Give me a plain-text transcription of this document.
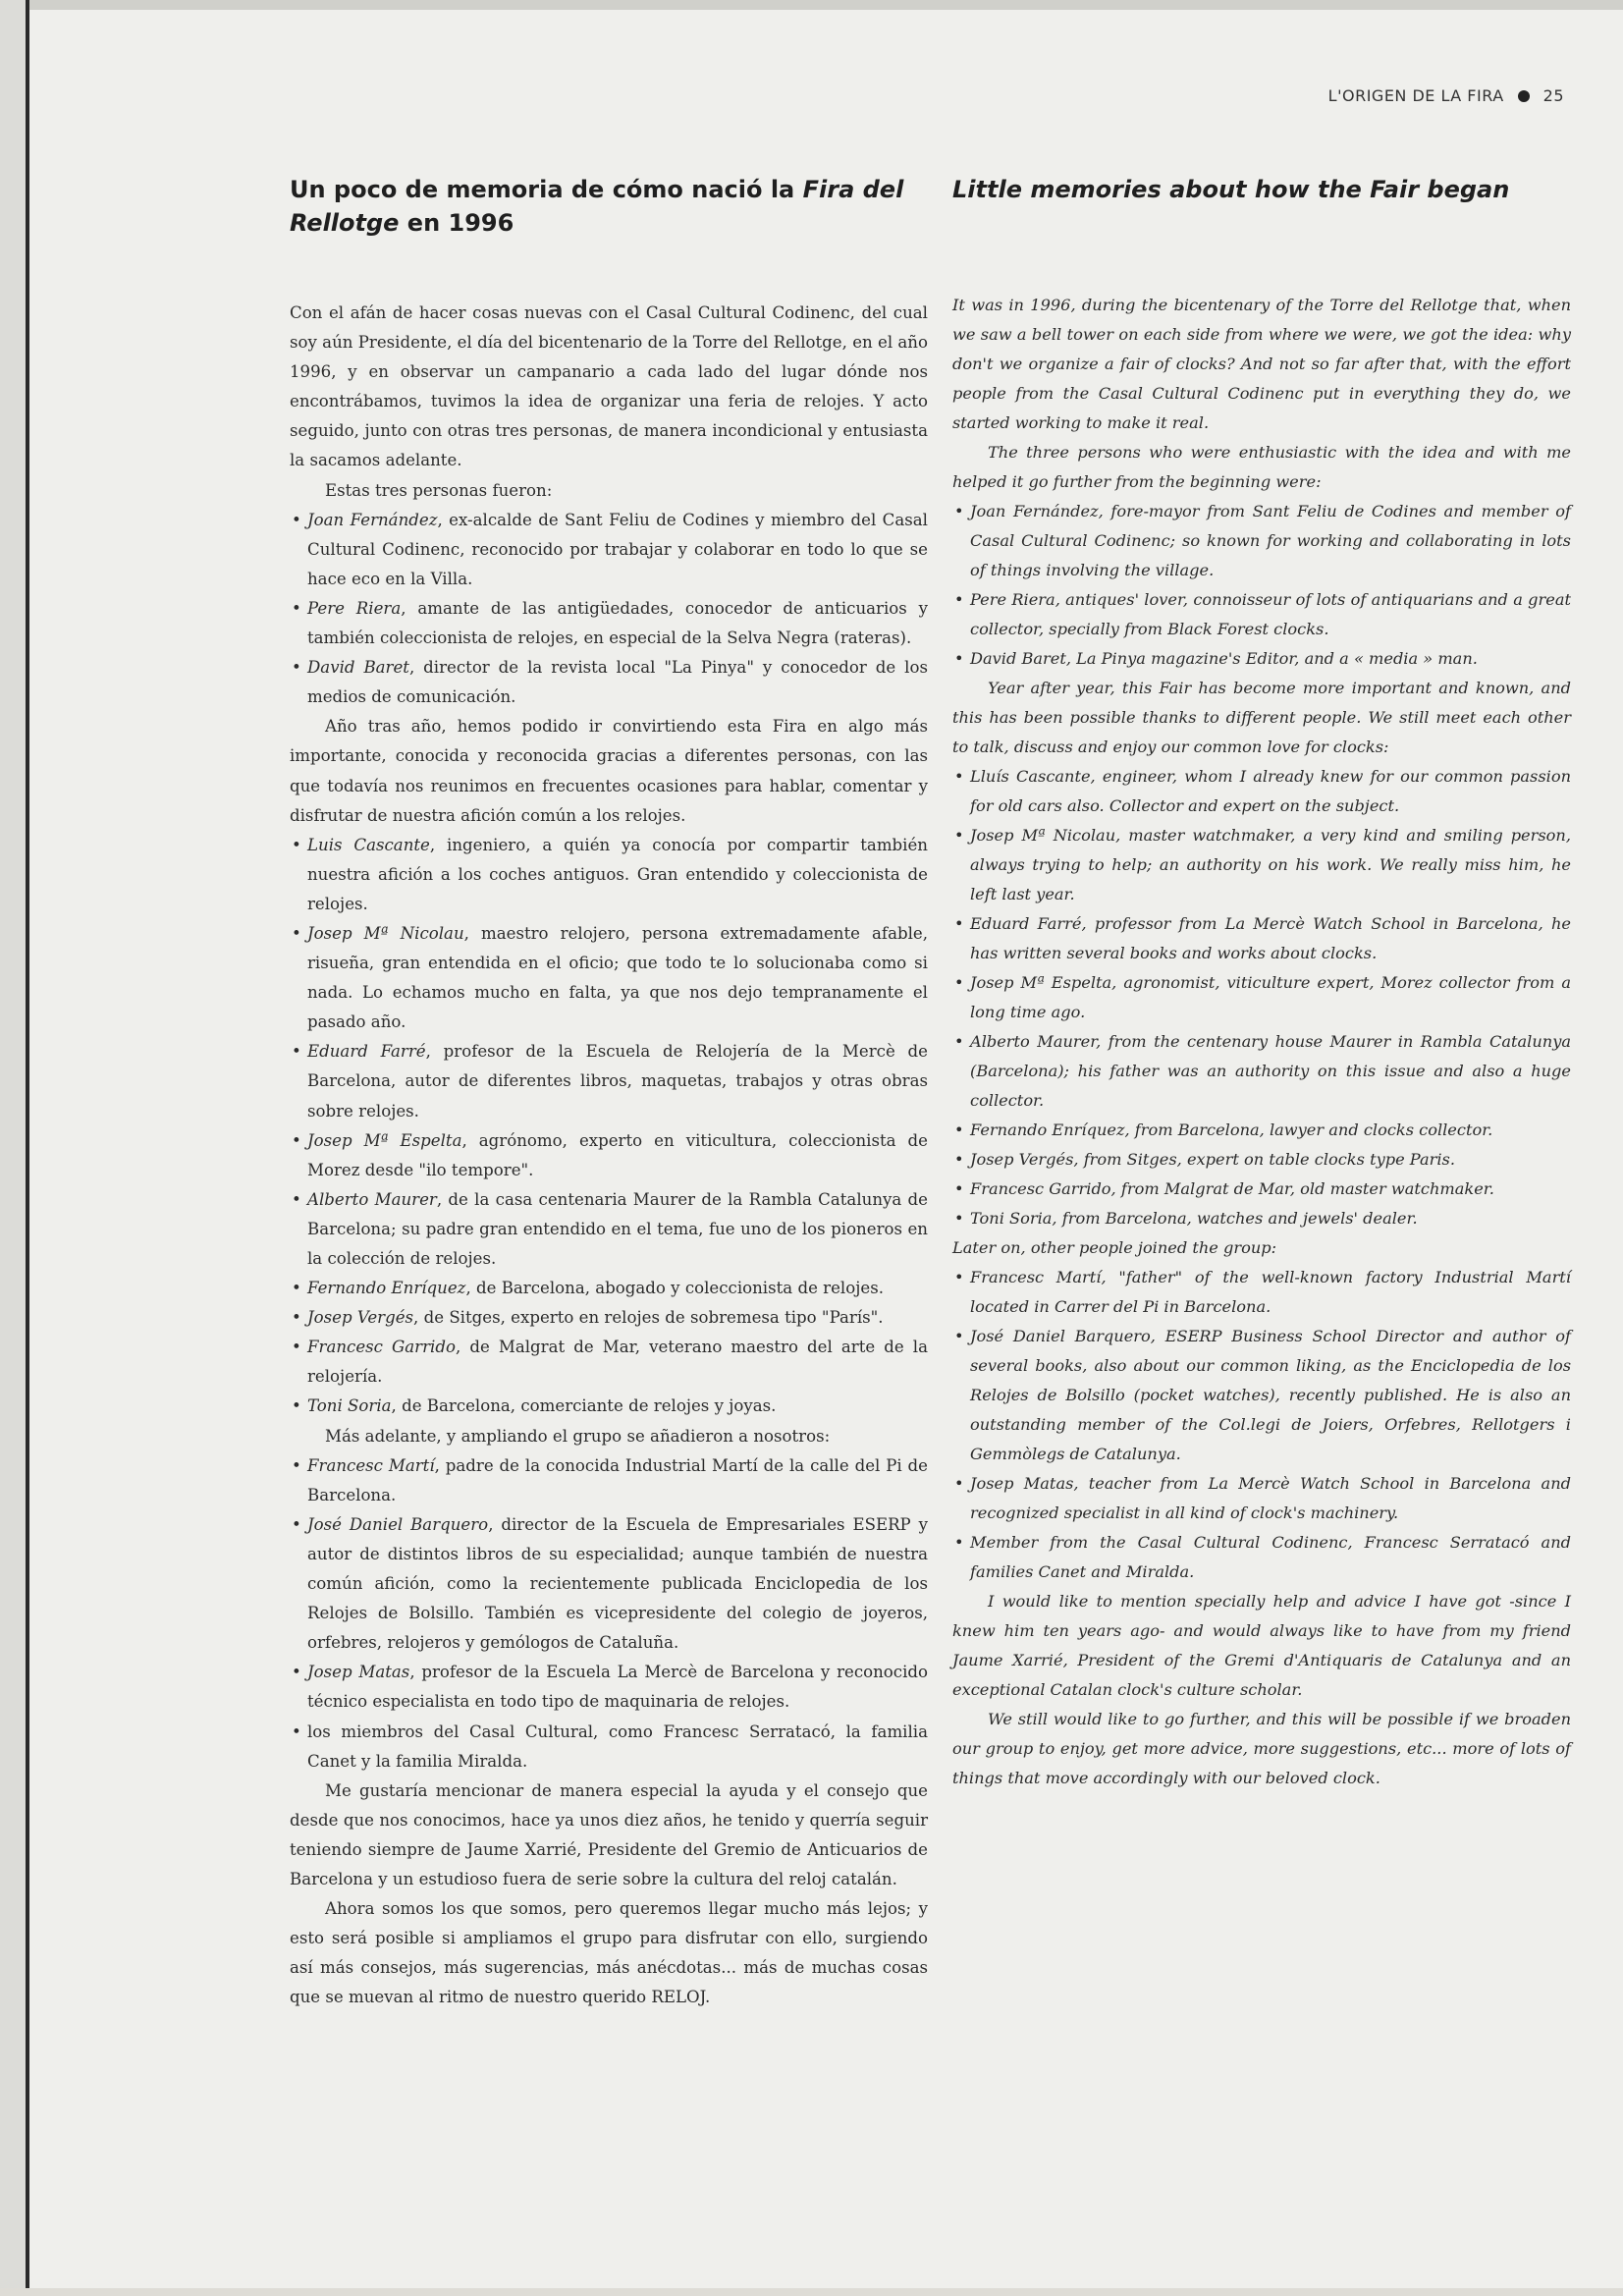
L'ORIGEN DE LA FIRA	25
Un poco de memoria de cómo nació la Fira del Rellotge en 1996

Con el afán de hacer cosas nuevas con el Casal Cultural Codinenc, del cual soy aún Presidente, el día del bicentenario de la Torre del Rellotge, en el año 1996, y en observar un campanario a cada lado del lugar dónde nos encontrábamos, tuvimos la idea de organizar una feria de relojes. Y acto seguido, junto con otras tres personas, de manera incondicional y entusiasta la sacamos adelante.

Estas tres personas fueron:

• Joan Fernández, ex-alcalde de Sant Feliu de Codines y miembro del Casal Cultural Codinenc, reconocido por trabajar y colaborar en todo lo que se hace eco en la Villa.
• Pere Riera, amante de las antigüedades, conocedor de anticuarios y también coleccionista de relojes, en especial de la Selva Negra (rateras).
• David Baret, director de la revista local "La Pinya" y conocedor de los medios de comunicación.

Año tras año, hemos podido ir convirtiendo esta Fira en algo más importante, conocida y reconocida gracias a diferentes personas, con las que todavía nos reunimos en frecuentes ocasiones para hablar, comentar y disfrutar de nuestra afición común a los relojes.

• Luis Cascante, ingeniero, a quién ya conocía por compartir también nuestra afición a los coches antiguos. Gran entendido y coleccionista de relojes.
• Josep Mª Nicolau, maestro relojero, persona extremadamente afable, risueña, gran entendida en el oficio; que todo te lo solucionaba como si nada. Lo echamos mucho en falta, ya que nos dejo tempranamente el pasado año.
• Eduard Farré, profesor de la Escuela de Relojería de la Mercè de Barcelona, autor de diferentes libros, maquetas, trabajos y otras obras sobre relojes.
• Josep Mª Espelta, agrónomo, experto en viticultura, coleccionista de Morez desde "ilo tempore".
• Alberto Maurer, de la casa centenaria Maurer de la Rambla Catalunya de Barcelona; su padre gran entendido en el tema, fue uno de los pioneros en la colección de relojes.
• Fernando Enríquez, de Barcelona, abogado y coleccionista de relojes.
• Josep Vergés, de Sitges, experto en relojes de sobremesa tipo "París".
• Francesc Garrido, de Malgrat de Mar, veterano maestro del arte de la relojería.
• Toni Soria, de Barcelona, comerciante de relojes y joyas.

Más adelante, y ampliando el grupo se añadieron a nosotros:

• Francesc Martí, padre de la conocida Industrial Martí de la calle del Pi de Barcelona.
• José Daniel Barquero, director de la Escuela de Empresariales ESERP y autor de distintos libros de su especialidad; aunque también de nuestra común afición, como la recientemente publicada Enciclopedia de los Relojes de Bolsillo. También es vicepresidente del colegio de joyeros, orfebres, relojeros y gemólogos de Cataluña.
• Josep Matas, profesor de la Escuela La Mercè de Barcelona y reconocido técnico especialista en todo tipo de maquinaria de relojes.
• los miembros del Casal Cultural, como Francesc Serratacó, la familia Canet y la familia Miralda.

Me gustaría mencionar de manera especial la ayuda y el consejo que desde que nos conocimos, hace ya unos diez años, he tenido y querría seguir teniendo siempre de Jaume Xarrié, Presidente del Gremio de Anticuarios de Barcelona y un estudioso fuera de serie sobre la cultura del reloj catalán.

Ahora somos los que somos, pero queremos llegar mucho más lejos; y esto será posible si ampliamos el grupo para disfrutar con ello, surgiendo así más consejos, más sugerencias, más anécdotas... más de muchas cosas que se muevan al ritmo de nuestro querido RELOJ.

Little memories about how the Fair began

It was in 1996, during the bicentenary of the Torre del Rellotge that, when we saw a bell tower on each side from where we were, we got the idea: why don't we organize a fair of clocks? And not so far after that, with the effort people from the Casal Cultural Codinenc put in everything they do, we started working to make it real.

The three persons who were enthusiastic with the idea and with me helped it go further from the beginning were:

• Joan Fernández, fore-mayor from Sant Feliu de Codines and member of Casal Cultural Codinenc; so known for working and collaborating in lots of things involving the village.
• Pere Riera, antiques' lover, connoisseur of lots of antiquarians and a great collector, specially from Black Forest clocks.
• David Baret, La Pinya magazine's Editor, and a « media » man.

Year after year, this Fair has become more important and known, and this has been possible thanks to different people. We still meet each other to talk, discuss and enjoy our common love for clocks:

• Lluís Cascante, engineer, whom I already knew for our common passion for old cars also. Collector and expert on the subject.
• Josep Mª Nicolau, master watchmaker, a very kind and smiling person, always trying to help; an authority on his work. We really miss him, he left last year.
• Eduard Farré, professor from La Mercè Watch School in Barcelona, he has written several books and works about clocks.
• Josep Mª Espelta, agronomist, viticulture expert, Morez collector from a long time ago.
• Alberto Maurer, from the centenary house Maurer in Rambla Catalunya (Barcelona); his father was an authority on this issue and also a huge collector.
• Fernando Enríquez, from Barcelona, lawyer and clocks collector.
• Josep Vergés, from Sitges, expert on table clocks type Paris.
• Francesc Garrido, from Malgrat de Mar, old master watchmaker.
• Toni Soria, from Barcelona, watches and jewels' dealer.

Later on, other people joined the group:

• Francesc Martí, "father" of the well-known factory Industrial Martí located in Carrer del Pi in Barcelona.
• José Daniel Barquero, ESERP Business School Director and author of several books, also about our common liking, as the Enciclopedia de los Relojes de Bolsillo (pocket watches), recently published. He is also an outstanding member of the Col.legi de Joiers, Orfebres, Rellotgers i Gemmòlegs de Catalunya.
• Josep Matas, teacher from La Mercè Watch School in Barcelona and recognized specialist in all kind of clock's machinery.
• Member from the Casal Cultural Codinenc, Francesc Serratacó and families Canet and Miralda.

I would like to mention specially help and advice I have got -since I knew him ten years ago- and would always like to have from my friend Jaume Xarrié, President of the Gremi d'Antiquaris de Catalunya and an exceptional Catalan clock's culture scholar.

We still would like to go further, and this will be possible if we broaden our group to enjoy, get more advice, more suggestions, etc... more of lots of things that move accordingly with our beloved clock.
